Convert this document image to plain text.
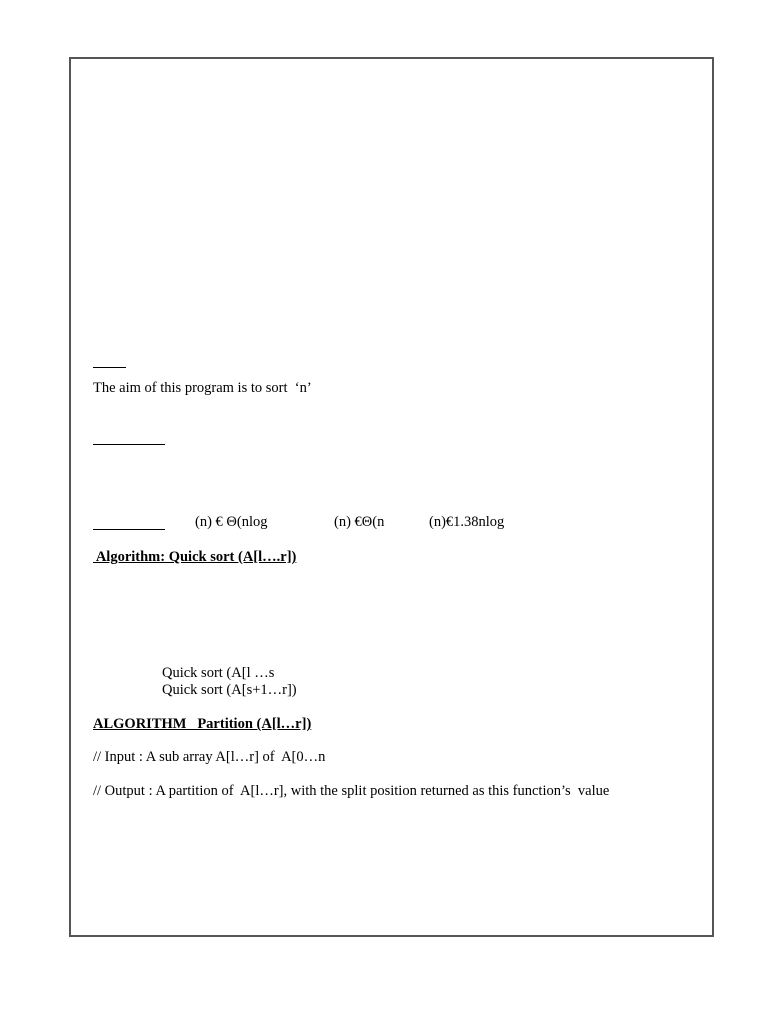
The aim of this program is to sort  ‘n’
(n) € Θ(nlog	(n) €Θ(n	(n)€1.38nlog
Algorithm: Quick sort (A[l….r])
Quick sort (A[l …s
Quick sort (A[s+1…r])
ALGORITHM   Partition (A[l…r])
// Input : A sub array A[l…r] of  A[0…n
// Output : A partition of  A[l…r], with the split position returned as this function’s  value
